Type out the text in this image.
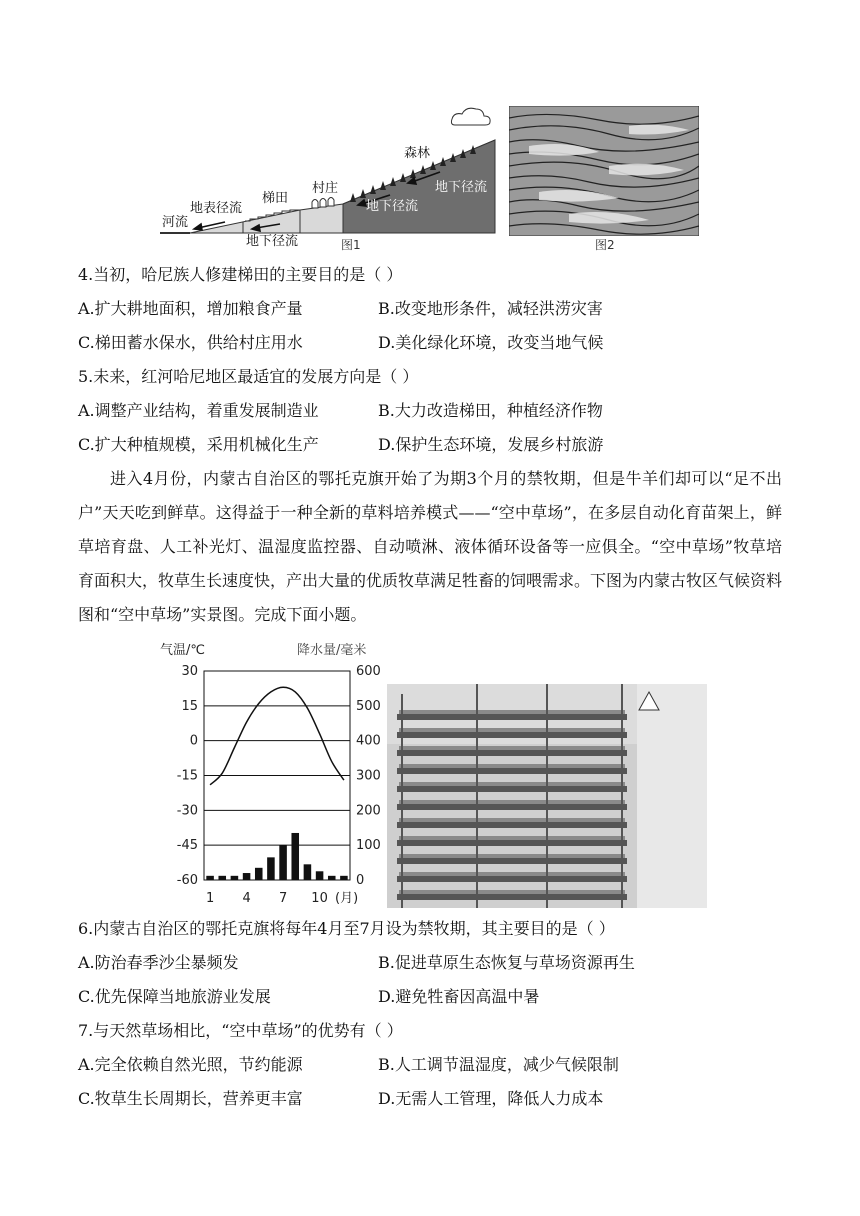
森林
村庄
梯田
地表径流
河流
地下径流
地下径流
地下径流
图1	图2
4.当初，哈尼族人修建梯田的主要目的是（ ）
A.扩大耕地面积，增加粮食产量	B.改变地形条件，减轻洪涝灾害
C.梯田蓄水保水，供给村庄用水	D.美化绿化环境，改变当地气候
5.未来，红河哈尼地区最适宜的发展方向是（ ）
A.调整产业结构，着重发展制造业	B.大力改造梯田，种植经济作物
C.扩大种植规模，采用机械化生产	D.保护生态环境，发展乡村旅游
进入4月份，内蒙古自治区的鄂托克旗开始了为期3个月的禁牧期，但是牛羊们却可以“足不出户”天天吃到鲜草。这得益于一种全新的草料培养模式——“空中草场”，在多层自动化育苗架上，鲜草培育盘、人工补光灯、温湿度监控器、自动喷淋、液体循环设备等一应俱全。“空中草场”牧草培育面积大，牧草生长速度快，产出大量的优质牧草满足牲畜的饲喂需求。下图为内蒙古牧区气候资料图和“空中草场”实景图。完成下面小题。
气温/℃	降水量/毫米
(月)
30
15
0
-15
-30
-45
-60
600
500
400
300
200
100
0
1 4 7 10
6.内蒙古自治区的鄂托克旗将每年4月至7月设为禁牧期，其主要目的是（ ）
A.防治春季沙尘暴频发	B.促进草原生态恢复与草场资源再生
C.优先保障当地旅游业发展	D.避免牲畜因高温中暑
7.与天然草场相比，“空中草场”的优势有（ ）
A.完全依赖自然光照，节约能源	B.人工调节温湿度，减少气候限制
C.牧草生长周期长，营养更丰富	D.无需人工管理，降低人力成本
